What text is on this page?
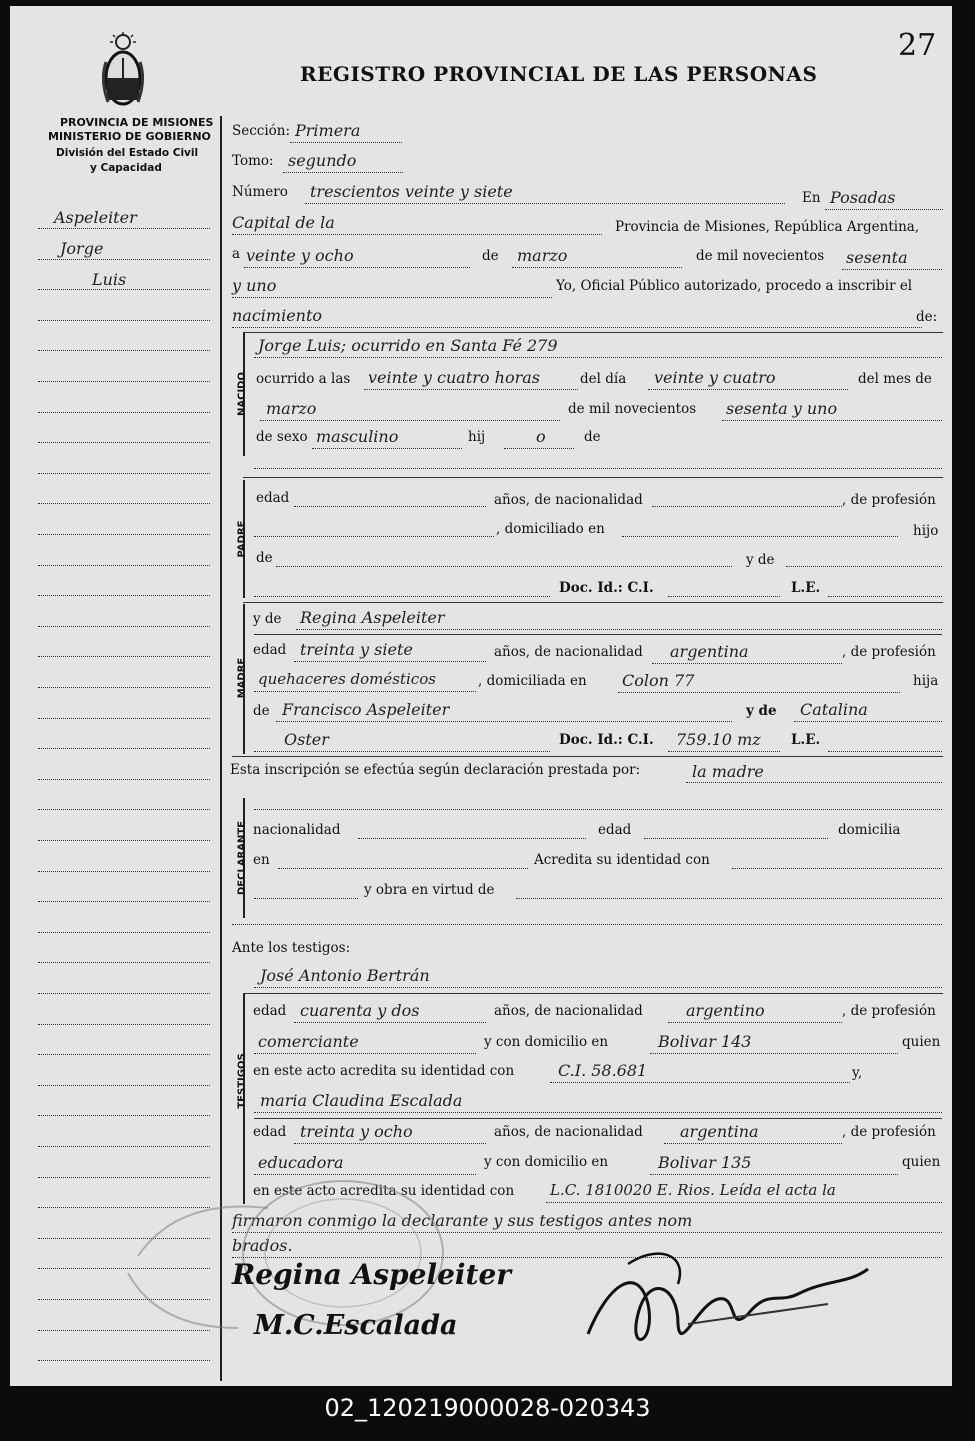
27
REGISTRO PROVINCIAL DE LAS PERSONAS
PROVINCIA DE MISIONES
MINISTERIO DE GOBIERNO
División del Estado Civil
y Capacidad
Aspeleiter
Jorge
Luis
Sección: Primera
Tomo: segundo
Número trescientos veinte y siete	En Posadas
Capital de la	Provincia de Misiones, República Argentina,
a veinte y ocho	de marzo	de mil novecientos sesenta
y uno	Yo, Oficial Público autorizado, procedo a inscribir el
nacimiento	de:
NACIDO
Jorge Luis; ocurrido en Santa Fé 279
ocurrido a las veinte y cuatro horas	del día veinte y cuatro	del mes de
marzo	de mil novecientos sesenta y uno
de sexo masculino	hij	o	de
PADRE
edad	años, de nacionalidad	, de profesión
, domiciliado en	hijo
de	y de
Doc. Id.: C.I.	L.E.
MADRE
y de Regina Aspeleiter
edad treinta y siete	años, de nacionalidad argentina	, de profesión
quehaceres domésticos	, domiciliada en Colon 77	hija
de Francisco Aspeleiter	y de Catalina
Oster	Doc. Id.: C.I. 759.10 mz L.E.
Esta inscripción se efectúa según declaración prestada por:	la madre
DECLARANTE nacionalidad	edad	domicilia
en	Acredita su identidad con
y obra en virtud de
Ante los testigos:
TESTIGOS
José Antonio Bertrán
edad cuarenta y dos	años, de nacionalidad	argentino	, de profesión
comerciante	y con domicilio en	Bolivar 143	quien
en este acto acredita su identidad con	C.I. 58.681	y,
maria Claudina Escalada
edad treinta y ocho	años, de nacionalidad argentina	, de profesión
educadora	y con domicilio en	Bolivar 135	quien
en este acto acredita su identidad con L.C. 1810020 E. Rios. Leída el acta la
firmaron conmigo la declarante y sus testigos antes nom
brados.
Regina Aspeleiter
M.C.Escalada
02_120219000028-020343
